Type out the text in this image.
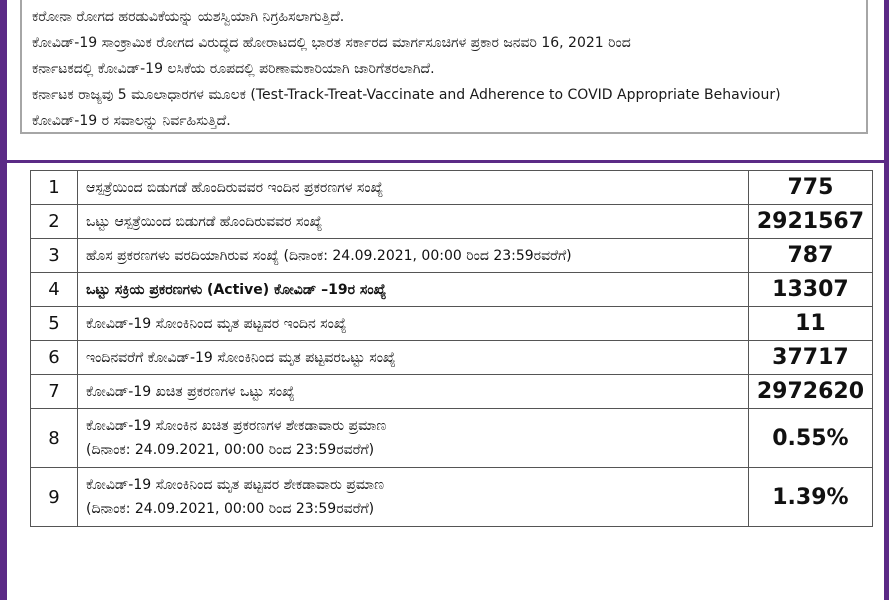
ಕರೋನಾ ರೋಗದ ಹರಡುವಿಕೆಯನ್ನು ಯಶಸ್ವಿಯಾಗಿ ನಿಗ್ರಹಿಸಲಾಗುತ್ತಿದೆ.

ಕೋವಿಡ್-19 ಸಾಂಕ್ರಾಮಿಕ ರೋಗದ ವಿರುದ್ಧದ ಹೋರಾಟದಲ್ಲಿ ಭಾರತ ಸರ್ಕಾರದ ಮಾರ್ಗಸೂಚಿಗಳ ಪ್ರಕಾರ ಜನವರಿ 16, 2021 ರಿಂದ

ಕರ್ನಾಟಕದಲ್ಲಿ ಕೋವಿಡ್-19 ಲಸಿಕೆಯ ರೂಪದಲ್ಲಿ ಪರಿಣಾಮಕಾರಿಯಾಗಿ ಜಾರಿಗೆತರಲಾಗಿದೆ.

ಕರ್ನಾಟಕ ರಾಜ್ಯವು 5 ಮೂಲಾಧಾರಗಳ ಮೂಲಕ (Test-Track-Treat-Vaccinate and Adherence to COVID Appropriate Behaviour) ಕೋವಿಡ್-19 ರ ಸವಾಲನ್ನು ನಿರ್ವಹಿಸುತ್ತಿದೆ.

1	ಆಸ್ಪತ್ರೆಯಿಂದ ಬಿಡುಗಡೆ ಹೊಂದಿರುವವರ ಇಂದಿನ ಪ್ರಕರಣಗಳ ಸಂಖ್ಯೆ	775
2	ಒಟ್ಟು ಆಸ್ಪತ್ರೆಯಿಂದ ಬಿಡುಗಡೆ ಹೊಂದಿರುವವರ ಸಂಖ್ಯೆ	2921567
3	ಹೊಸ ಪ್ರಕರಣಗಳು ವರದಿಯಾಗಿರುವ ಸಂಖ್ಯೆ (ದಿನಾಂಕ: 24.09.2021, 00:00 ರಿಂದ 23:59ರವರೆಗೆ)	787
4	ಒಟ್ಟು ಸಕ್ರಿಯ ಪ್ರಕರಣಗಳು (Active) ಕೋವಿಡ್ –19ರ ಸಂಖ್ಯೆ	13307
5	ಕೋವಿಡ್-19 ಸೋಂಕಿನಿಂದ ಮೃತ ಪಟ್ಟವರ ಇಂದಿನ ಸಂಖ್ಯೆ	11
6	ಇಂದಿನವರೆಗೆ ಕೋವಿಡ್-19 ಸೋಂಕಿನಿಂದ ಮೃತ ಪಟ್ಟವರಒಟ್ಟು ಸಂಖ್ಯೆ	37717
7	ಕೋವಿಡ್-19 ಖಚಿತ ಪ್ರಕರಣಗಳ ಒಟ್ಟು ಸಂಖ್ಯೆ	2972620
8	ಕೋವಿಡ್-19 ಸೋಂಕಿನ ಖಚಿತ ಪ್ರಕರಣಗಳ ಶೇಕಡಾವಾರು ಪ್ರಮಾಣ
(ದಿನಾಂಕ: 24.09.2021, 00:00 ರಿಂದ 23:59ರವರೆಗೆ)	0.55%
9	ಕೋವಿಡ್-19 ಸೋಂಕಿನಿಂದ ಮೃತ ಪಟ್ಟವರ ಶೇಕಡಾವಾರು ಪ್ರಮಾಣ
(ದಿನಾಂಕ: 24.09.2021, 00:00 ರಿಂದ 23:59ರವರೆಗೆ)	1.39%
